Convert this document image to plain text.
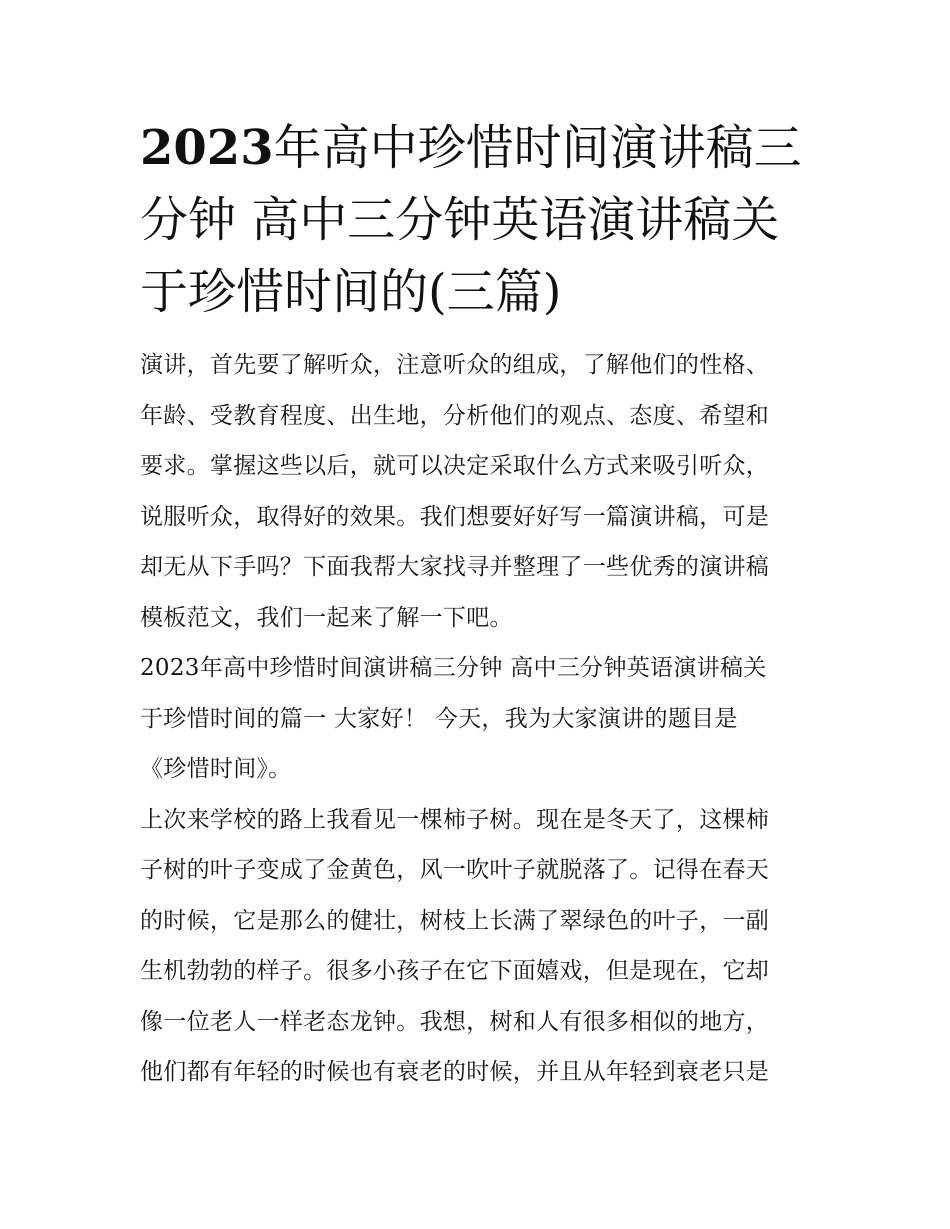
2023年高中珍惜时间演讲稿三
分钟 高中三分钟英语演讲稿关
于珍惜时间的(三篇)

演讲，首先要了解听众，注意听众的组成，了解他们的性格、
年龄、受教育程度、出生地，分析他们的观点、态度、希望和
要求。掌握这些以后，就可以决定采取什么方式来吸引听众，
说服听众，取得好的效果。我们想要好好写一篇演讲稿，可是
却无从下手吗？下面我帮大家找寻并整理了一些优秀的演讲稿
模板范文，我们一起来了解一下吧。

2023年高中珍惜时间演讲稿三分钟 高中三分钟英语演讲稿关
于珍惜时间的篇一 大家好！ 今天，我为大家演讲的题目是
《珍惜时间》。

上次来学校的路上我看见一棵柿子树。现在是冬天了，这棵柿
子树的叶子变成了金黄色，风一吹叶子就脱落了。记得在春天
的时候，它是那么的健壮，树枝上长满了翠绿色的叶子，一副
生机勃勃的样子。很多小孩子在它下面嬉戏，但是现在，它却
像一位老人一样老态龙钟。我想，树和人有很多相似的地方，
他们都有年轻的时候也有衰老的时候，并且从年轻到衰老只是
